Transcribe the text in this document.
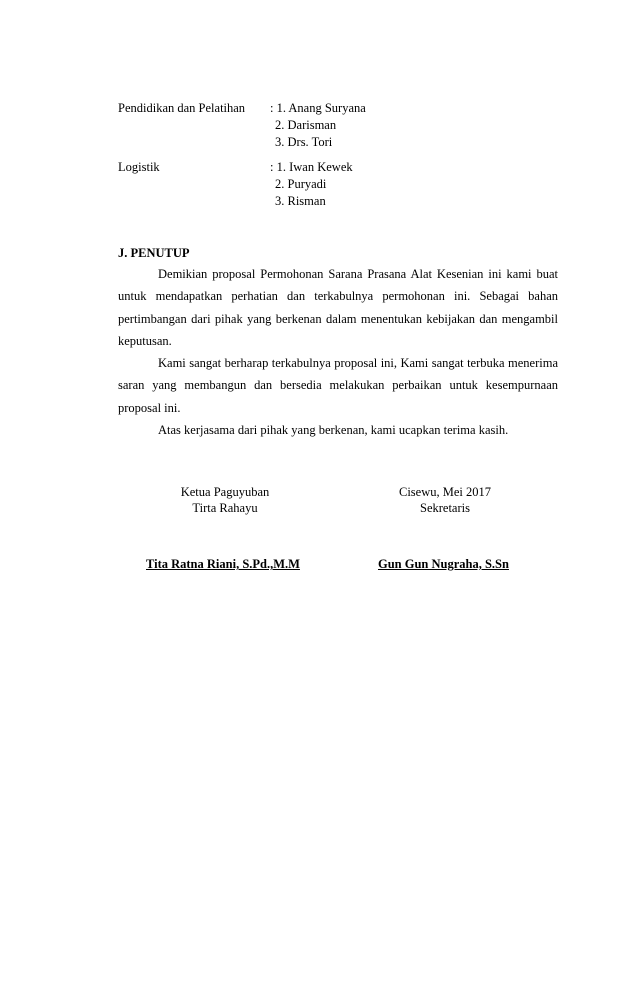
Pendidikan dan Pelatihan : 1. Anang Suryana
2. Darisman
3. Drs. Tori
Logistik	: 1. Iwan Kewek
2. Puryadi
3. Risman
J. PENUTUP

Demikian proposal Permohonan Sarana Prasana Alat Kesenian ini kami buat untuk mendapatkan perhatian dan terkabulnya permohonan ini. Sebagai bahan pertimbangan dari pihak yang berkenan dalam menentukan kebijakan dan mengambil keputusan.

Kami sangat berharap terkabulnya proposal ini, Kami sangat terbuka menerima saran yang membangun dan bersedia melakukan perbaikan untuk kesempurnaan proposal ini.

Atas kerjasama dari pihak yang berkenan, kami ucapkan terima kasih.

Ketua Paguyuban
Tirta Rahayu
Cisewu, Mei 2017
Sekretaris
Tita Ratna Riani, S.Pd.,M.M	Gun Gun Nugraha, S.Sn
